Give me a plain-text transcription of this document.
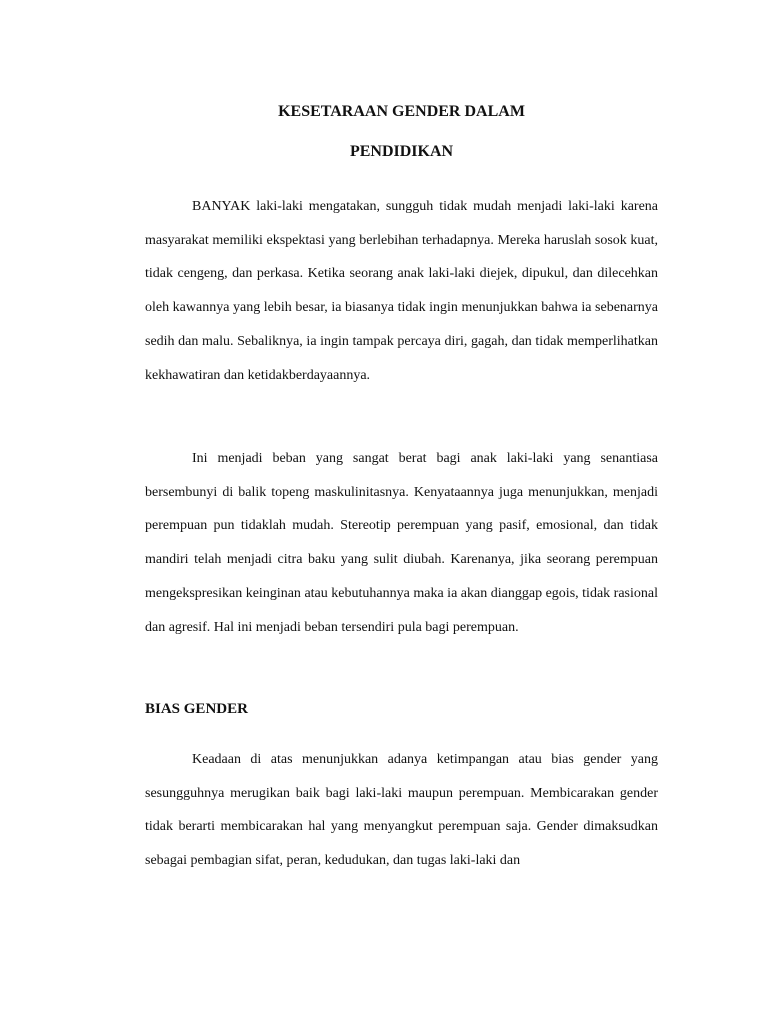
KESETARAAN GENDER DALAM
PENDIDIKAN

BANYAK laki-laki mengatakan, sungguh tidak mudah menjadi laki-laki karena masyarakat memiliki ekspektasi yang berlebihan terhadapnya. Mereka haruslah sosok kuat, tidak cengeng, dan perkasa. Ketika seorang anak laki-laki diejek, dipukul, dan dilecehkan oleh kawannya yang lebih besar, ia biasanya tidak ingin menunjukkan bahwa ia sebenarnya sedih dan malu. Sebaliknya, ia ingin tampak percaya diri, gagah, dan tidak memperlihatkan kekhawatiran dan ketidakberdayaannya.

Ini menjadi beban yang sangat berat bagi anak laki-laki yang senantiasa bersembunyi di balik topeng maskulinitasnya. Kenyataannya juga menunjukkan, menjadi perempuan pun tidaklah mudah. Stereotip perempuan yang pasif, emosional, dan tidak mandiri telah menjadi citra baku yang sulit diubah. Karenanya, jika seorang perempuan mengekspresikan keinginan atau kebutuhannya maka ia akan dianggap egois, tidak rasional dan agresif. Hal ini menjadi beban tersendiri pula bagi perempuan.

BIAS GENDER

Keadaan di atas menunjukkan adanya ketimpangan atau bias gender yang sesungguhnya merugikan baik bagi laki-laki maupun perempuan. Membicarakan gender tidak berarti membicarakan hal yang menyangkut perempuan saja. Gender dimaksudkan sebagai pembagian sifat, peran, kedudukan, dan tugas laki-laki dan
